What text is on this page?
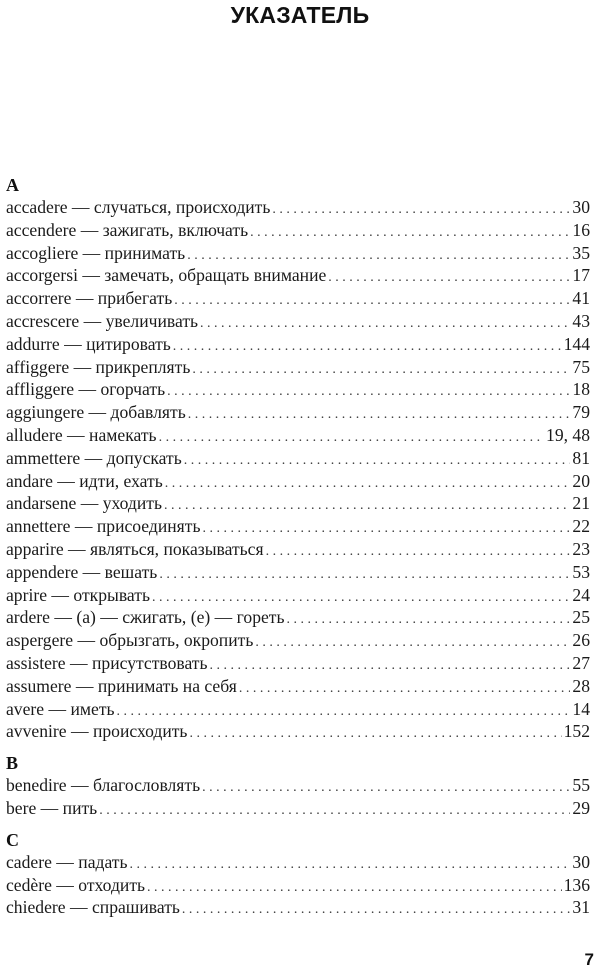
УКАЗАТЕЛЬ
A
accadere — случаться, происходить . . .	30
accendere — зажигать, включать . . .	16
accogliere — принимать . . .	35
accorgersi — замечать, обращать внимание . . .	17
accorrere — прибегать . . .	41
accrescere — увеличивать . . .	43
addurre — цитировать . . .	144
affiggere — прикреплять . . .	75
affliggere — огорчать . . .	18
aggiungere — добавлять . . .	79
alludere — намекать . . .	19, 48
ammettere — допускать . . .	81
andare — идти, ехать . . .	20
andarsene — уходить . . .	21
annettere — присоединять . . .	22
apparire — являться, показываться . . .	23
appendere — вешать . . .	53
aprire — открывать . . .	24
ardere — (a) — сжигать, (e) — гореть . . .	25
aspergere — обрызгать, окропить . . .	26
assistere — присутствовать . . .	27
assumere — принимать на себя . . .	28
avere — иметь . . .	14
avvenire — происходить . . .	152
B
benedire — благословлять . . .	55
bere — пить . . .	29
C
cadere — падать . . .	30
cedère — отходить . . .	136
chiedere — спрашивать . . .	31
7
